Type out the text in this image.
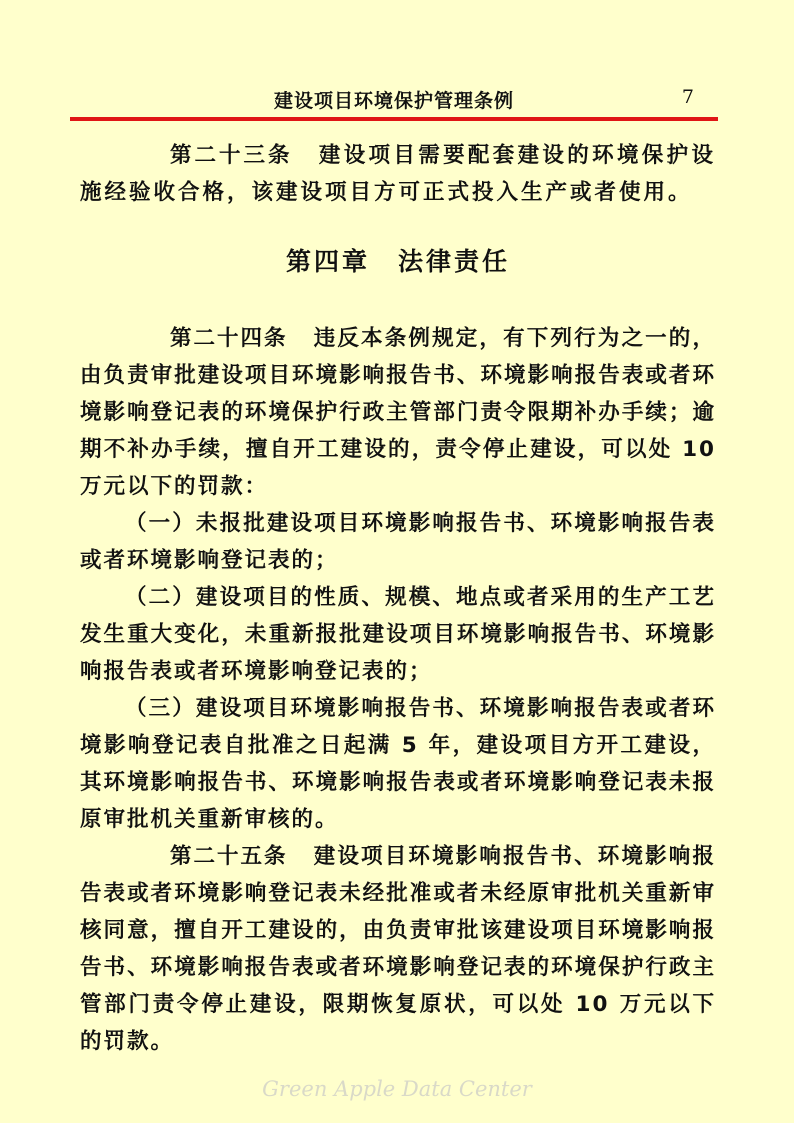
建设项目环境保护管理条例	7

第二十三条 建设项目需要配套建设的环境保护设施经验收合格，该建设项目方可正式投入生产或者使用。

第四章 法律责任

第二十四条 违反本条例规定，有下列行为之一的，由负责审批建设项目环境影响报告书、环境影响报告表或者环境影响登记表的环境保护行政主管部门责令限期补办手续；逾期不补办手续，擅自开工建设的，责令停止建设，可以处 10 万元以下的罚款：

（一）未报批建设项目环境影响报告书、环境影响报告表或者环境影响登记表的；

（二）建设项目的性质、规模、地点或者采用的生产工艺发生重大变化，未重新报批建设项目环境影响报告书、环境影响报告表或者环境影响登记表的；

（三）建设项目环境影响报告书、环境影响报告表或者环境影响登记表自批准之日起满 5 年，建设项目方开工建设，其环境影响报告书、环境影响报告表或者环境影响登记表未报原审批机关重新审核的。

第二十五条 建设项目环境影响报告书、环境影响报告表或者环境影响登记表未经批准或者未经原审批机关重新审核同意，擅自开工建设的，由负责审批该建设项目环境影响报告书、环境影响报告表或者环境影响登记表的环境保护行政主管部门责令停止建设，限期恢复原状，可以处 10 万元以下的罚款。

Green Apple Data Center
